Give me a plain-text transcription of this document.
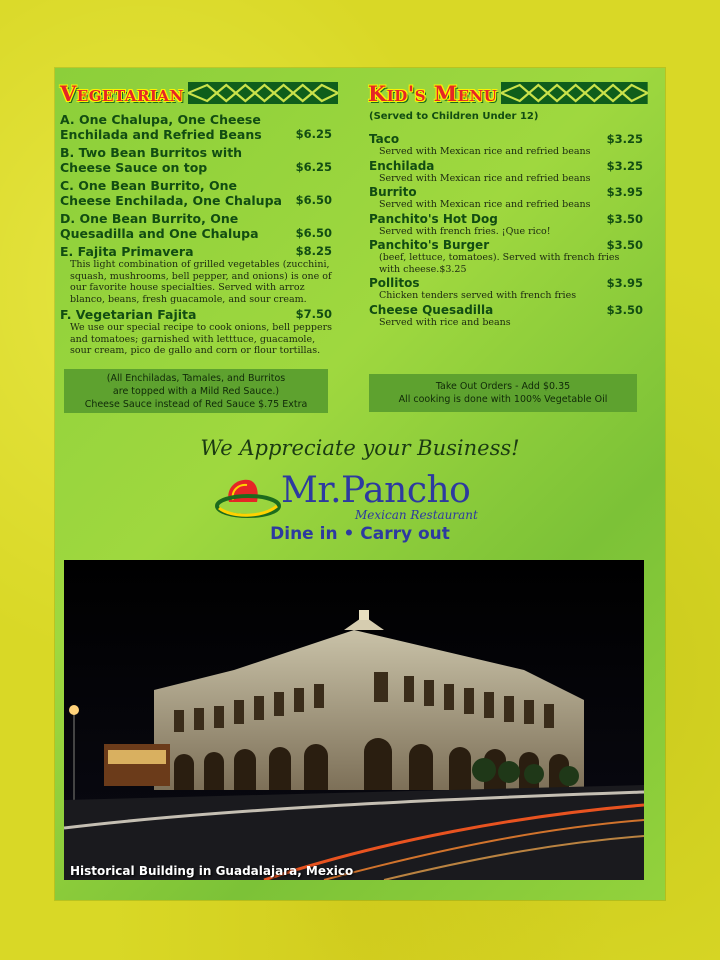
Vegetarian
A. One Chalupa, One Cheese Enchilada and Refried Beans	$6.25
B. Two Bean Burritos with Cheese Sauce on top	$6.25
C. One Bean Burrito, One Cheese Enchilada, One Chalupa	$6.50
D. One Bean Burrito, One Quesadilla and One Chalupa	$6.50
E. Fajita Primavera	$8.25
This light combination of grilled vegetables (zucchini, squash, mushrooms, bell pepper, and onions) is one of our favorite house specialties. Served with arroz blanco, beans, fresh guacamole, and sour cream.
F. Vegetarian Fajita	$7.50
We use our special recipe to cook onions, bell peppers and tomatoes; garnished with letttuce, guacamole, sour cream, pico de gallo and corn or flour tortillas.
(All Enchiladas, Tamales, and Burritos
are topped with a Mild Red Sauce.)
Cheese Sauce instead of Red Sauce $.75 Extra
Kid's Menu
(Served to Children Under 12)
Taco	$3.25
Served with Mexican rice and refried beans
Enchilada	$3.25
Served with Mexican rice and refried beans
Burrito	$3.95
Served with Mexican rice and refried beans
Panchito's Hot Dog	$3.50
Served with french fries. ¡Que rico!
Panchito's Burger	$3.50
(beef, lettuce, tomatoes). Served with french fries with cheese.$3.25
Pollitos	$3.95
Chicken tenders served with french fries
Cheese Quesadilla	$3.50
Served with rice and beans
Take Out Orders - Add $0.35
All cooking is done with 100% Vegetable Oil
We Appreciate your Business!
Mr.Pancho
Mexican Restaurant
Dine in • Carry out
Historical Building in Guadalajara, Mexico
